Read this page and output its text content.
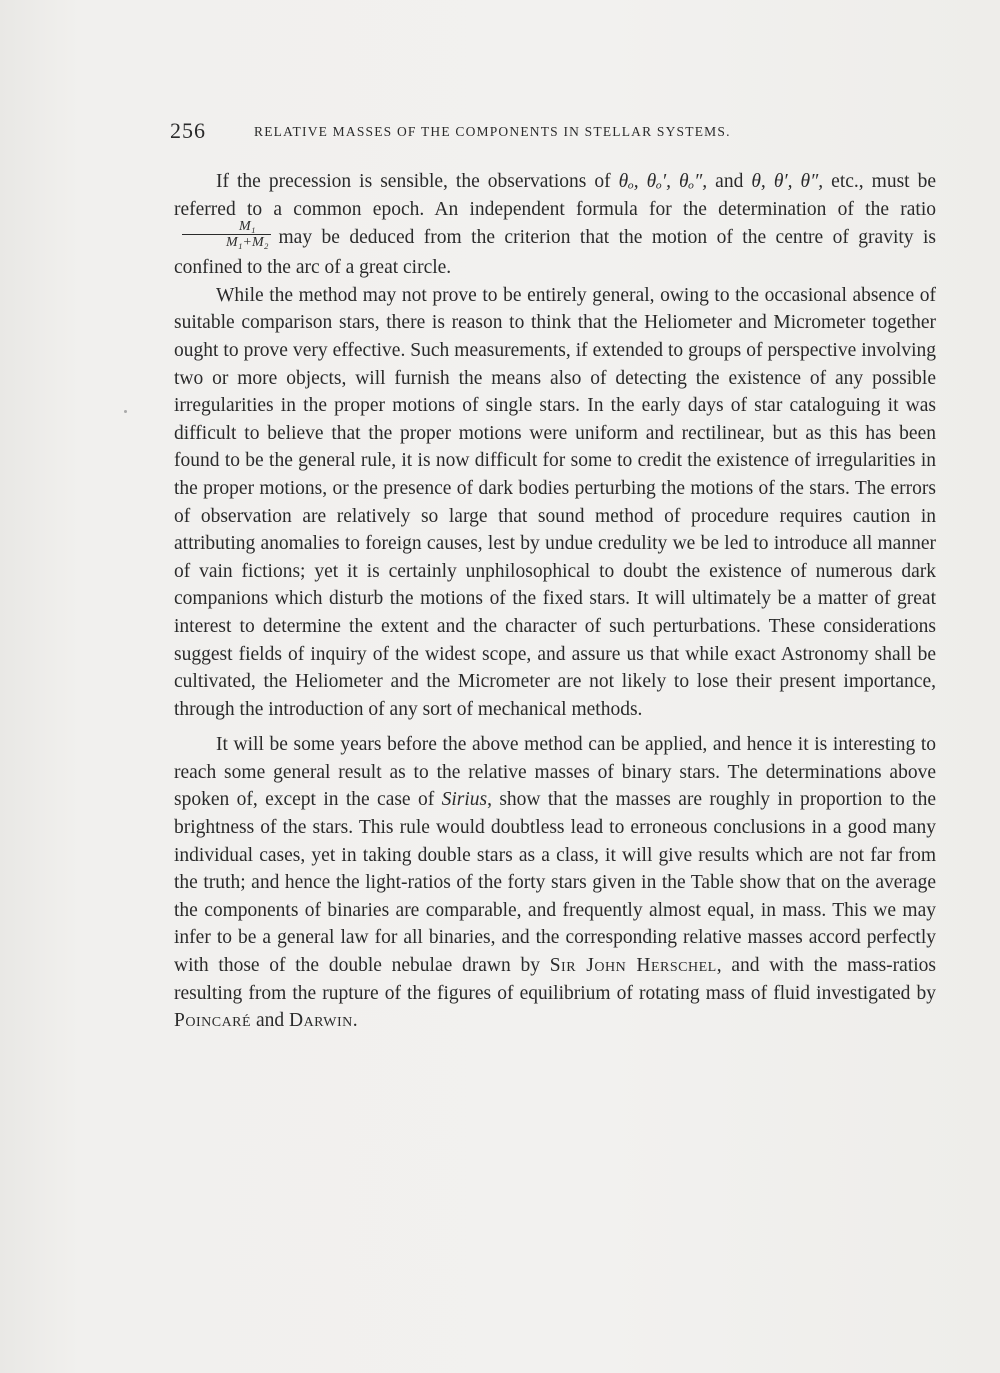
256	RELATIVE MASSES OF THE COMPONENTS IN STELLAR SYSTEMS.

If the precession is sensible, the observations of θₒ, θₒ′, θₒ″, and θ, θ′, θ″, etc., must be referred to a common epoch. An independent formula for the determination of the ratio
$\frac{\text{M₁}}{\text{M₁+M₂}}$ may be deduced from the criterion that the motion of the centre of gravity is confined to the arc of a great circle.

While the method may not prove to be entirely general, owing to the occasional absence of suitable comparison stars, there is reason to think that the Heliometer and Micrometer together ought to prove very effective. Such measurements, if extended to groups of perspective involving two or more objects, will furnish the means also of detecting the existence of any possible irregularities in the proper motions of single stars. In the early days of star cataloguing it was difficult to believe that the proper motions were uniform and rectilinear, but as this has been found to be the general rule, it is now difficult for some to credit the existence of irregularities in the proper motions, or the presence of dark bodies perturbing the motions of the stars. The errors of observation are relatively so large that sound method of procedure requires caution in attributing anomalies to foreign causes, lest by undue credulity we be led to introduce all manner of vain fictions; yet it is certainly unphilosophical to doubt the existence of numerous dark companions which disturb the motions of the fixed stars. It will ultimately be a matter of great interest to determine the extent and the character of such perturbations. These considerations suggest fields of inquiry of the widest scope, and assure us that while exact Astronomy shall be cultivated, the Heliometer and the Micrometer are not likely to lose their present importance, through the introduction of any sort of mechanical methods.

It will be some years before the above method can be applied, and hence it is interesting to reach some general result as to the relative masses of binary stars. The determinations above spoken of, except in the case of Sirius, show that the masses are roughly in proportion to the brightness of the stars. This rule would doubtless lead to erroneous conclusions in a good many individual cases, yet in taking double stars as a class, it will give results which are not far from the truth; and hence the light-ratios of the forty stars given in the Table show that on the average the components of binaries are comparable, and frequently almost equal, in mass. This we may infer to be a general law for all binaries, and the corresponding relative masses accord perfectly with those of the double nebulae drawn by Sir John Herschel, and with the mass-ratios resulting from the rupture of the figures of equilibrium of rotating mass of fluid investigated by Poincaré and Darwin.
